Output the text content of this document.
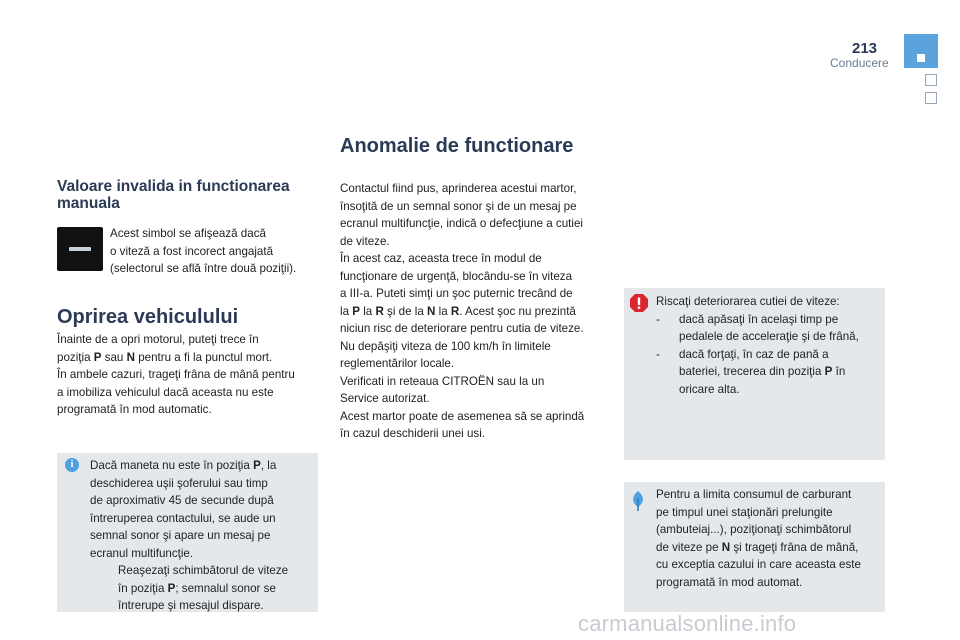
213
Conducere
Valoare invalida in functionarea
manuala
Acest simbol se afişează dacă
o viteză a fost incorect angajată
(selectorul se află între două poziţii).
Oprirea vehiculului
Înainte de a opri motorul, puteţi trece în
poziţia P sau N pentru a fi la punctul mort.
În ambele cazuri, trageţi frâna de mână pentru
a imobiliza vehiculul dacă aceasta nu este
programată în mod automatic.
i	Dacă maneta nu este în poziţia P, la
deschiderea uşii şoferului sau timp
de aproximativ 45 de secunde după
întreruperea contactului, se aude un
semnal sonor şi apare un mesaj pe
ecranul multifuncţie.
Reaşezaţi schimbătorul de viteze
în poziţia P; semnalul sonor se
întrerupe şi mesajul dispare.
Anomalie de functionare
Contactul fiind pus, aprinderea acestui martor,
însoţită de un semnal sonor şi de un mesaj pe
ecranul multifuncţie, indică o defecţiune a cutiei
de viteze.
În acest caz, aceasta trece în modul de
funcţionare de urgenţă, blocându-se în viteza
a III-a. Puteti simţi un şoc puternic trecând de
la P la R şi de la N la R. Acest şoc nu prezintă
niciun risc de deteriorare pentru cutia de viteze.
Nu depăşiţi viteza de 100 km/h în limitele
reglementărilor locale.
Verificati in reteaua CITROËN sau la un
Service autorizat.
Acest martor poate de asemenea să se aprindă
în cazul deschiderii unei usi.
Riscaţi deteriorarea cutiei de viteze:
- dacă apăsaţi în acelaşi timp pe
pedalele de acceleraţie şi de frână,
- dacă forţaţi, în caz de pană a
bateriei, trecerea din poziţia P în
oricare alta.
Pentru a limita consumul de carburant
pe timpul unei staţionări prelungite
(ambuteiaj...), poziţionaţi schimbătorul
de viteze pe N şi trageţi frâna de mână,
cu exceptia cazului in care aceasta este
programată în mod automat.
carmanualsonline.info
